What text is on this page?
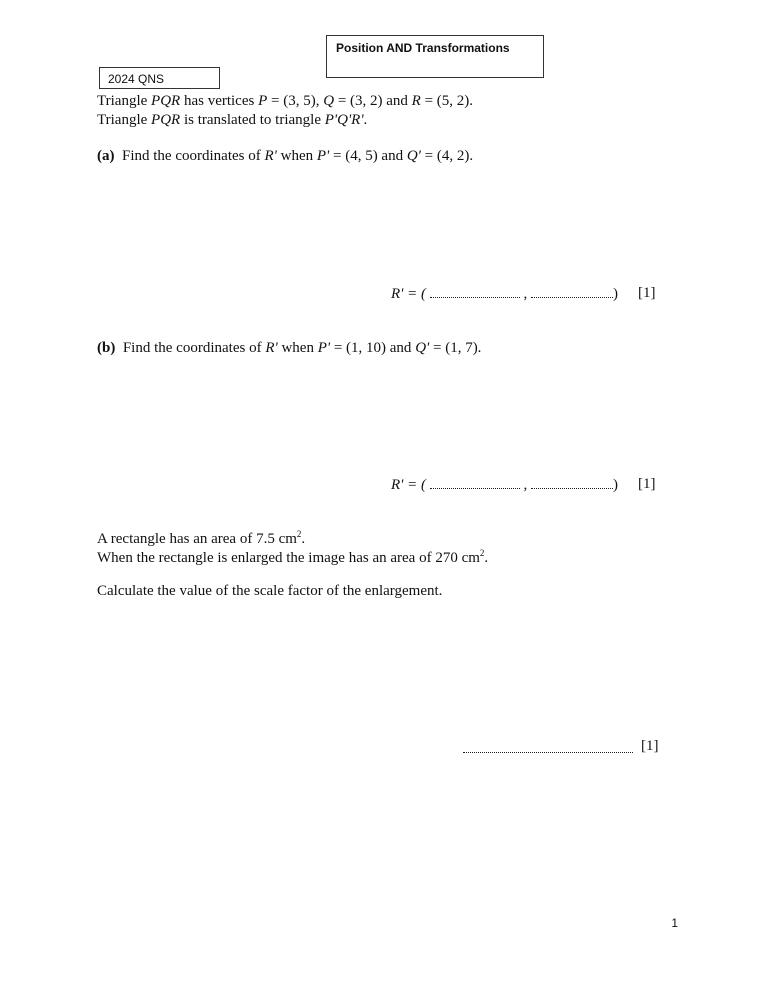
Position AND Transformations
2024 QNS
Triangle PQR has vertices P = (3, 5), Q = (3, 2) and R = (5, 2).
Triangle PQR is translated to triangle P'Q'R'.
(a) Find the coordinates of R' when P' = (4, 5) and Q' = (4, 2).
R' = (	,	) [1]
(b) Find the coordinates of R' when P' = (1, 10) and Q' = (1, 7).
R' = (	,	) [1]
A rectangle has an area of 7.5 $cm^2$.
When the rectangle is enlarged the image has an area of 270 $cm^2$.
Calculate the value of the scale factor of the enlargement.
[1]
1
